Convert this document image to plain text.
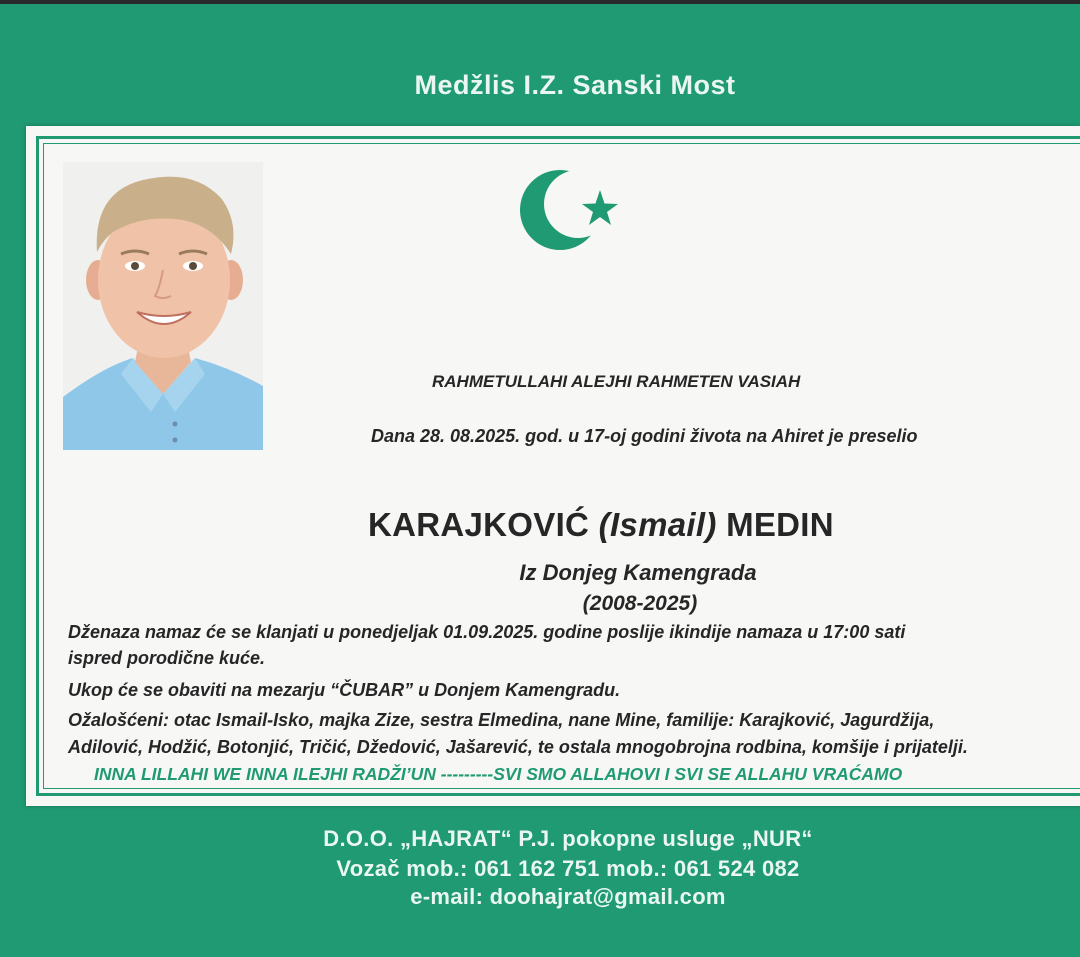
Medžlis I.Z. Sanski Most
RAHMETULLAHI ALEJHI RAHMETEN VASIAH
Dana 28. 08.2025. god. u 17-oj godini života na Ahiret je preselio
KARAJKOVIĆ (Ismail) MEDIN
Iz Donjeg Kamengrada
(2008-2025)
Dženaza namaz će se klanjati u ponedjeljak 01.09.2025. godine poslije ikindije namaza u 17:00 sati
ispred porodične kuće.
Ukop će se obaviti na mezarju “ČUBAR” u Donjem Kamengradu.
Ožalošćeni: otac Ismail-Isko, majka Zize, sestra Elmedina, nane Mine, familije: Karajković, Jagurdžija,
Adilović, Hodžić, Botonjić, Tričić, Džedović, Jašarević, te ostala mnogobrojna rodbina, komšije i prijatelji.
INNA LILLAHI WE INNA ILEJHI RADŽI’UN ---------SVI SMO ALLAHOVI I SVI SE ALLAHU VRAĆAMO
D.O.O. „HAJRAT“ P.J. pokopne usluge „NUR“
Vozač mob.: 061 162 751 mob.: 061 524 082
e-mail: doohajrat@gmail.com
